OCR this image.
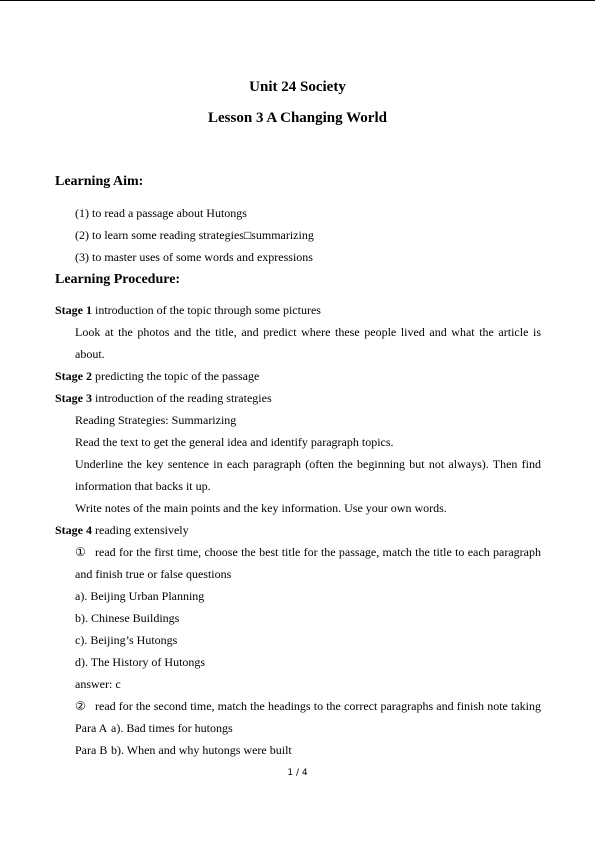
Unit 24 Society
Lesson 3 A Changing World
Learning Aim:
(1) to read a passage about Hutongs
(2) to learn some reading strategies□summarizing
(3) to master uses of some words and expressions
Learning Procedure:
Stage 1 introduction of the topic through some pictures
Look at the photos and the title, and predict where these people lived and what the article is
about.
Stage 2 predicting the topic of the passage
Stage 3 introduction of the reading strategies
Reading Strategies: Summarizing
Read the text to get the general idea and identify paragraph topics.
Underline the key sentence in each paragraph (often the beginning but not always). Then find
information that backs it up.
Write notes of the main points and the key information. Use your own words.
Stage 4 reading extensively
① read for the first time, choose the best title for the passage, match the title to each paragraph
and finish true or false questions
a). Beijing Urban Planning
b). Chinese Buildings
c). Beijing’s Hutongs
d). The History of Hutongs
answer: c
② read for the second time, match the headings to the correct paragraphs and finish note taking
Para A a). Bad times for hutongs
Para B b). When and why hutongs were built
1 / 4
